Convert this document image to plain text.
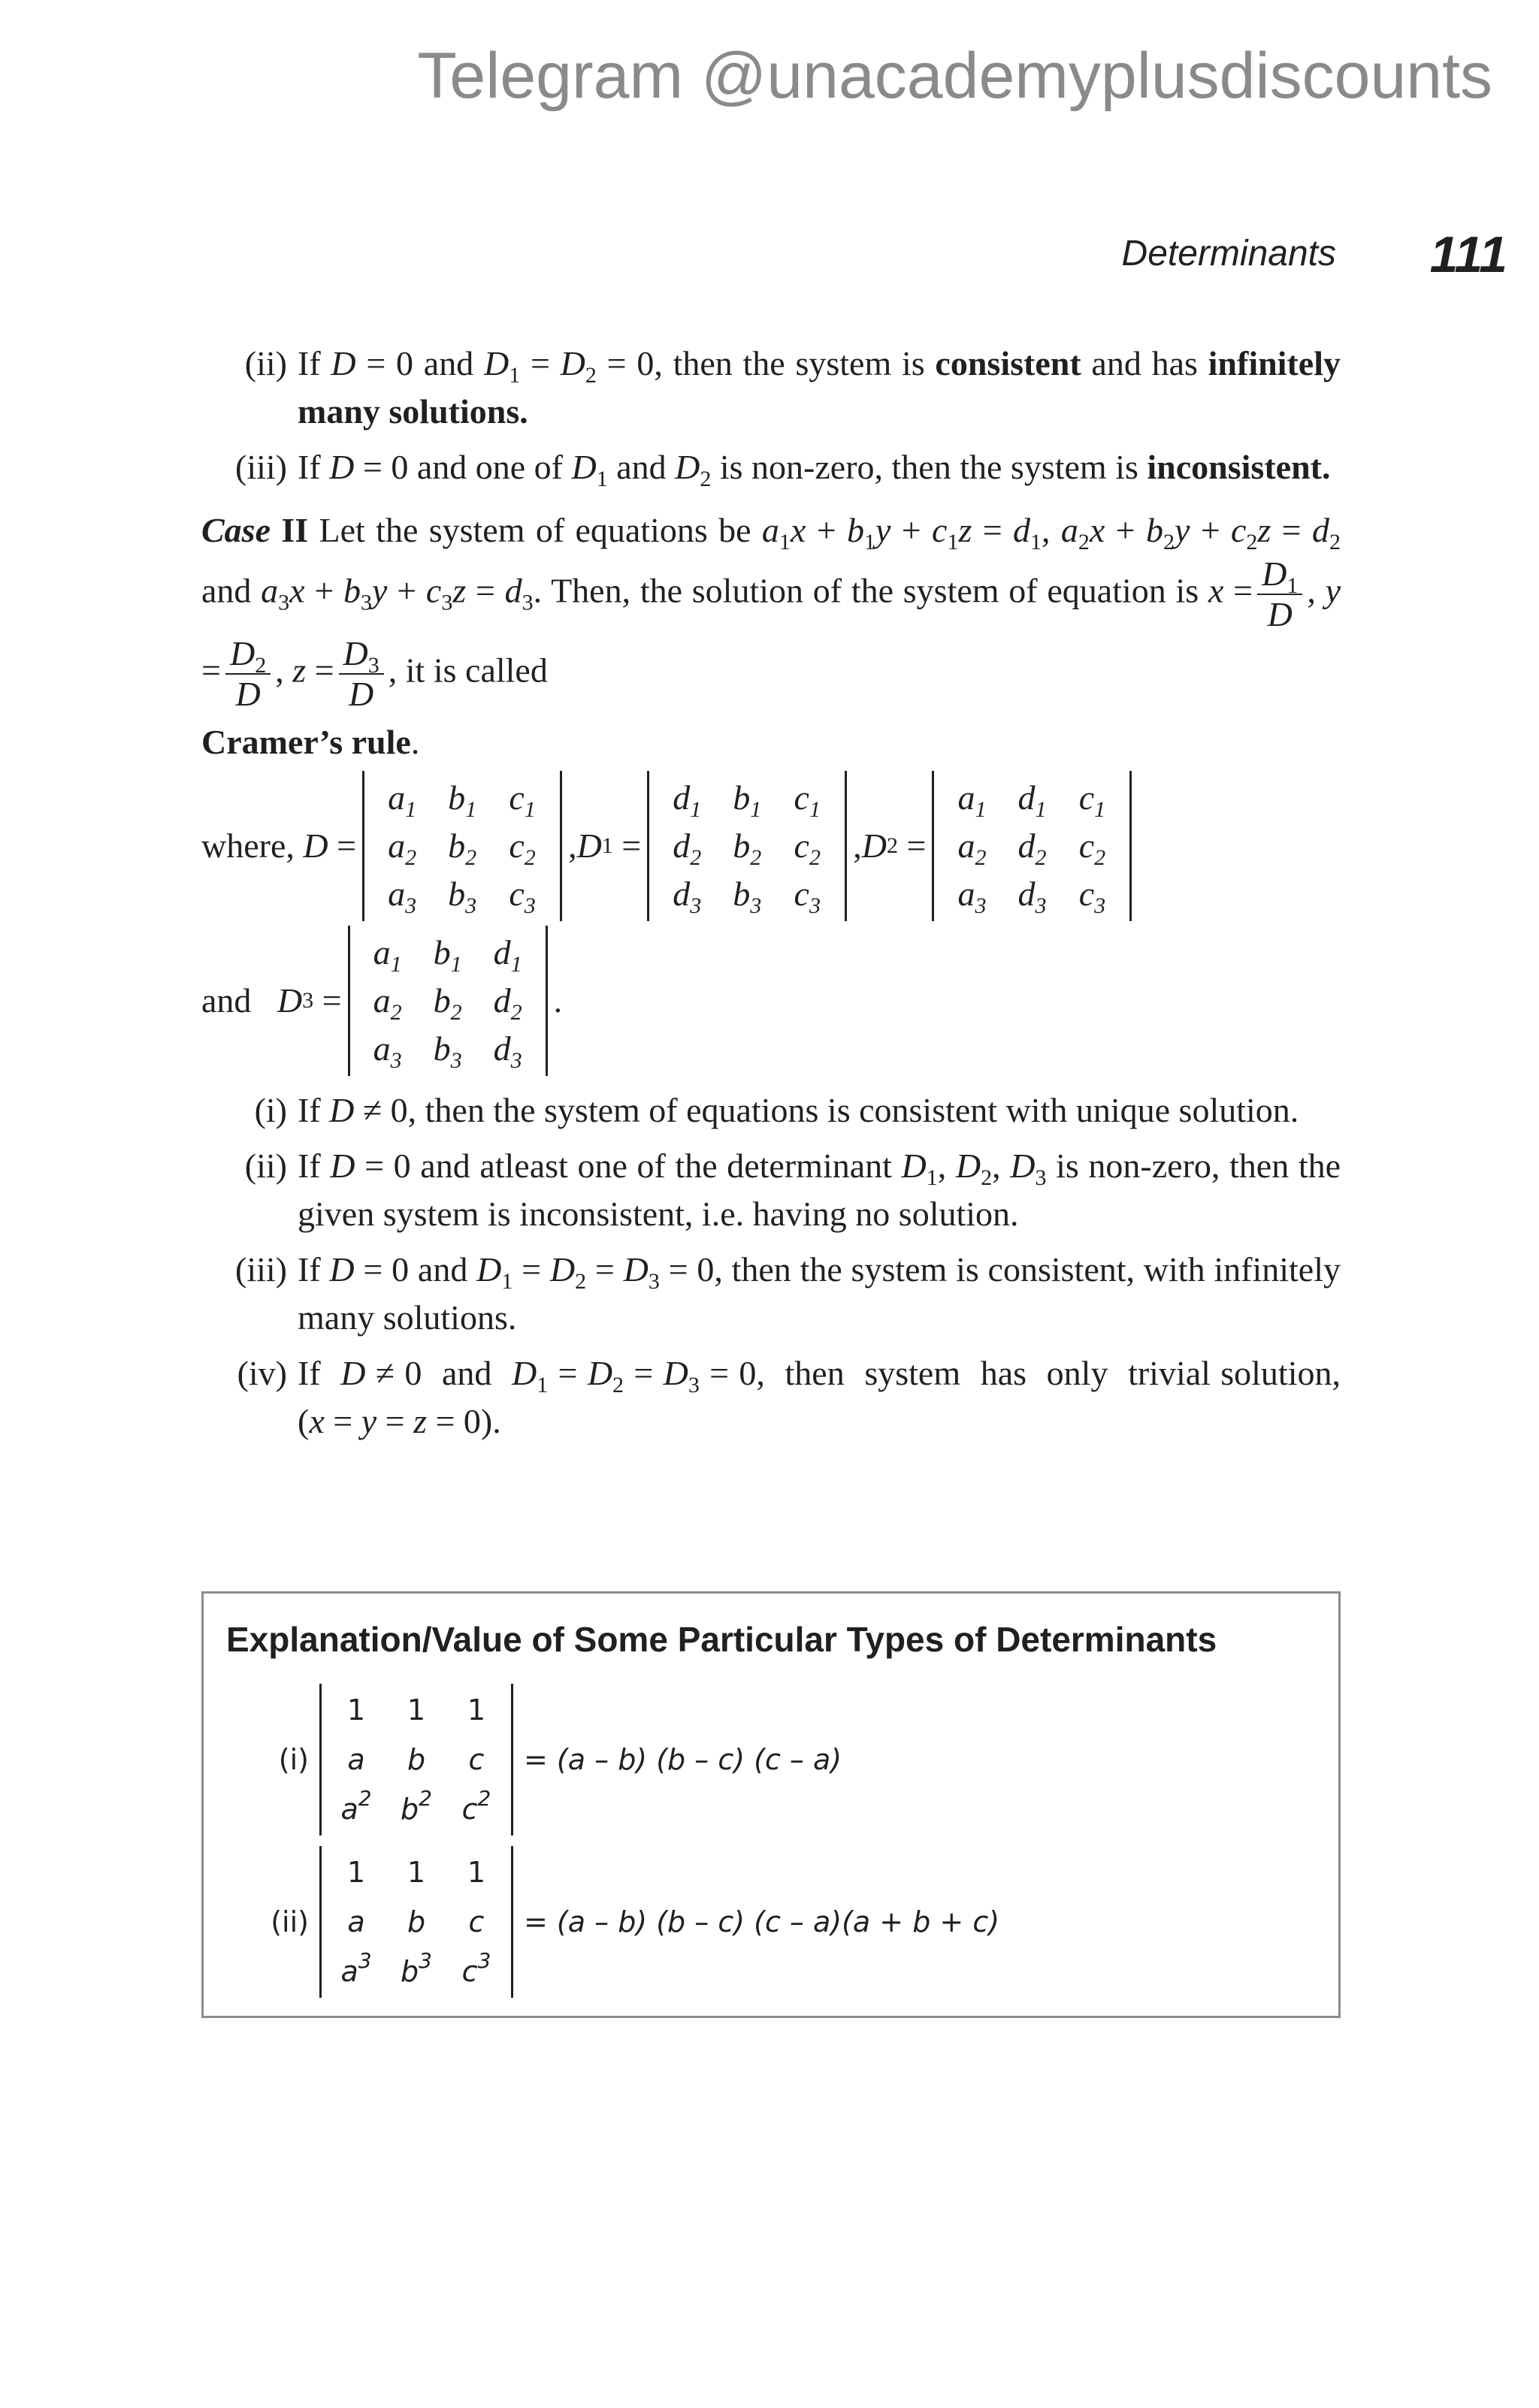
Telegram @unacademyplusdiscounts
Determinants 111
(ii) If D = 0 and $D_1 = D_2 = 0$, then the system is consistent and has infinitely many solutions.
(iii) If D = 0 and one of $D_1$ and $D_2$ is non-zero, then the system is inconsistent.

Case II Let the system of equations be $a_1x + b_1y + c_1z = d_1$, $a_2x + b_2y + c_2z = d_2$ and $a_3x + b_3y + c_3z = d_3$. Then, the solution of the system of equation is $x = \frac{D_1}{D}$ , $y = \frac{D_2}{D}$ , $z = \frac{D_3}{D}$ , it is called

Cramer’s rule.

where,
D =
$a_1$ $b_1$ $c_1$
$a_2$ $b_2$ $c_2$
$a_3$ $b_3$ $c_3$
, D 1 =
$d_1$ $b_1$ $c_1$
$d_2$ $b_2$ $c_2$
$d_3$ $b_3$ $c_3$
, D 2 =
$a_1$ $d_1$ $c_1$
$a_2$ $d_2$ $c_2$
$a_3$ $d_3$ $c_3$
and
D 3 =
$a_1$ $b_1$ $d_1$
$a_2$ $b_2$ $d_2$
$a_3$ $b_3$ $d_3$
.
(i) If D ≠ 0, then the system of equations is consistent with unique solution.
(ii) If D = 0 and atleast one of the determinant $D_1$, $D_2$, $D_3$ is non-zero, then the given system is inconsistent, i.e. having no solution.
(iii) If D = 0 and $D_1 = D_2 = D_3 = 0$, then the system is consistent, with infinitely many solutions.
(iv) If  D ≠ 0  and  $D_1 = D_2 = D_3 = 0$,  then  system  has  only  trivial solution, (x = y = z = 0).
Explanation/Value of Some Particular Types of Determinants
(i)
1 1 1
a b c
$a^2$ $b^2$ $c^2$
= (a – b) (b – c) (c – a)
(ii)
1 1 1
a b c
$a^3$ $b^3$ $c^3$
= (a – b) (b – c) (c – a)(a + b + c)
